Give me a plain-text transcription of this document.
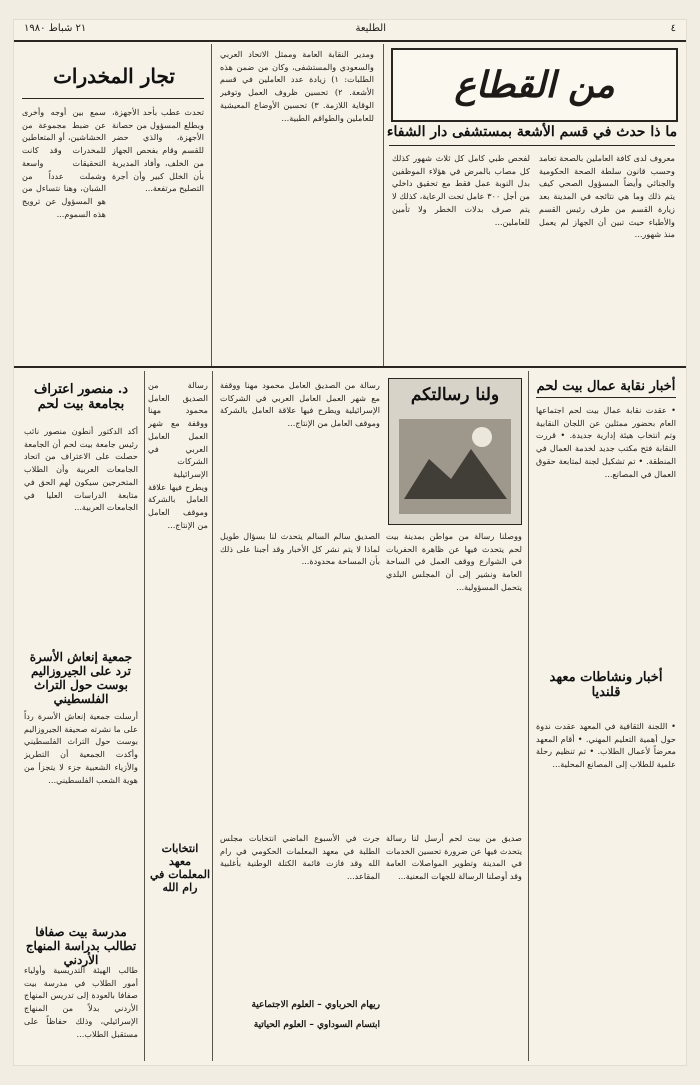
٤
الطليعة
٢١ شباط ١٩٨٠
من القطاع
ما ذا حدث في قسم الأشعة بمستشفى دار الشفاء
معروف لدى كافة العاملين بالصحة تعامد وحسب قانون سلطة الصحة الحكومية والجنائي وأيضاً المسؤول الصحي كيف يتم ذلك وما هي نتائجه في المدينة بعد زيارة القسم من طرف رئيس القسم والأطباء حيث تبين أن الجهاز لم يعمل منذ شهور...
لفحص طبي كامل كل ثلاث شهور كذلك كل مصاب بالمرض في هؤلاء الموظفين بدل النوبة عمل فقط مع تحقيق داخلي من أجل ٣٠٠ عامل تحت الرعاية، كذلك لا يتم صرف بدلات الخطر ولا تأمين للعاملين...
ومدير النقابة العامة وممثل الاتحاد العربي والسعودي والمستشفى، وكان من ضمن هذه الطلبات: ١) زيادة عدد العاملين في قسم الأشعة. ٢) تحسين ظروف العمل وتوفير الوقاية اللازمة. ٣) تحسين الأوضاع المعيشية للعاملين والطواقم الطبية...
تجار المخدرات
تحدث عطب بأحد الأجهزة، وبطلع المسؤول من حصانة الأجهزة، والذي حضر للقسم وقام بفحص الجهاز من الخلف، وأفاد المديرية بأن الخلل كبير وأن أجرة التصليح مرتفعة...
سمع بين أوجه وأخرى عن ضبط مجموعة من الحشاشين، أو المتعاطين للمخدرات وقد كانت التحقيقات واسعة وشملت عدداً من الشبان، وهنا نتساءل من هو المسؤول عن ترويج هذه السموم...
أخبار نقابة عمال بيت لحم
• عقدت نقابة عمال بيت لحم اجتماعها العام بحضور ممثلين عن اللجان النقابية وتم انتخاب هيئة إدارية جديدة. • قررت النقابة فتح مكتب جديد لخدمة العمال في المنطقة. • تم تشكيل لجنة لمتابعة حقوق العمال في المصانع...
ولنا رسالتكم
رسالة من الصديق العامل محمود مهنا ووقفة مع شهر العمل العامل العربي في الشركات الإسرائيلية ويطرح فيها علاقة العامل بالشركة وموقف العامل من الإنتاج...
ووصلنا رسالة من مواطن بمدينة بيت لحم يتحدث فيها عن ظاهرة الحفريات في الشوارع ووقف العمل في الساحة العامة ونشير إلى أن المجلس البلدي يتحمل المسؤولية...
الصديق سالم السالم يتحدث لنا بسؤال طويل لماذا لا يتم نشر كل الأخبار وقد أجبنا على ذلك بأن المساحة محدودة...
صديق من بيت لحم أرسل لنا رسالة يتحدث فيها عن ضرورة تحسين الخدمات في المدينة وتطوير المواصلات العامة وقد أوصلنا الرسالة للجهات المعنية...
انتخابات معهد المعلمات في رام الله
جرت في الأسبوع الماضي انتخابات مجلس الطلبة في معهد المعلمات الحكومي في رام الله وقد فازت قائمة الكتلة الوطنية بأغلبية المقاعد...
ريهام الحرباوي – العلوم الاجتماعية
ابتسام السوداوي – العلوم الحياتية
د. منصور اعتراف بجامعة بيت لحم
أكد الدكتور أنطون منصور نائب رئيس جامعة بيت لحم أن الجامعة حصلت على الاعتراف من اتحاد الجامعات العربية وأن الطلاب المتخرجين سيكون لهم الحق في متابعة الدراسات العليا في الجامعات العربية...
جمعية إنعاش الأسرة ترد على الجيروزاليم بوست حول التراث الفلسطيني
أرسلت جمعية إنعاش الأسرة رداً على ما نشرته صحيفة الجيروزاليم بوست حول التراث الفلسطيني وأكدت الجمعية أن التطريز والأزياء الشعبية جزء لا يتجزأ من هوية الشعب الفلسطيني...
مدرسة بيت صفافا تطالب بدراسة المنهاج الأردني
طالب الهيئة التدريسية وأولياء أمور الطلاب في مدرسة بيت صفافا بالعودة إلى تدريس المنهاج الأردني بدلاً من المنهاج الإسرائيلي، وذلك حفاظاً على مستقبل الطلاب...
أخبار ونشاطات معهد قلنديا
• اللجنة الثقافية في المعهد عقدت ندوة حول أهمية التعليم المهني. • أقام المعهد معرضاً لأعمال الطلاب. • تم تنظيم رحلة علمية للطلاب إلى المصانع المحلية...
رسالة من الصديق العامل محمود مهنا ووقفة مع شهر العمل العامل العربي في الشركات الإسرائيلية ويطرح فيها علاقة العامل بالشركة وموقف العامل من الإنتاج...
